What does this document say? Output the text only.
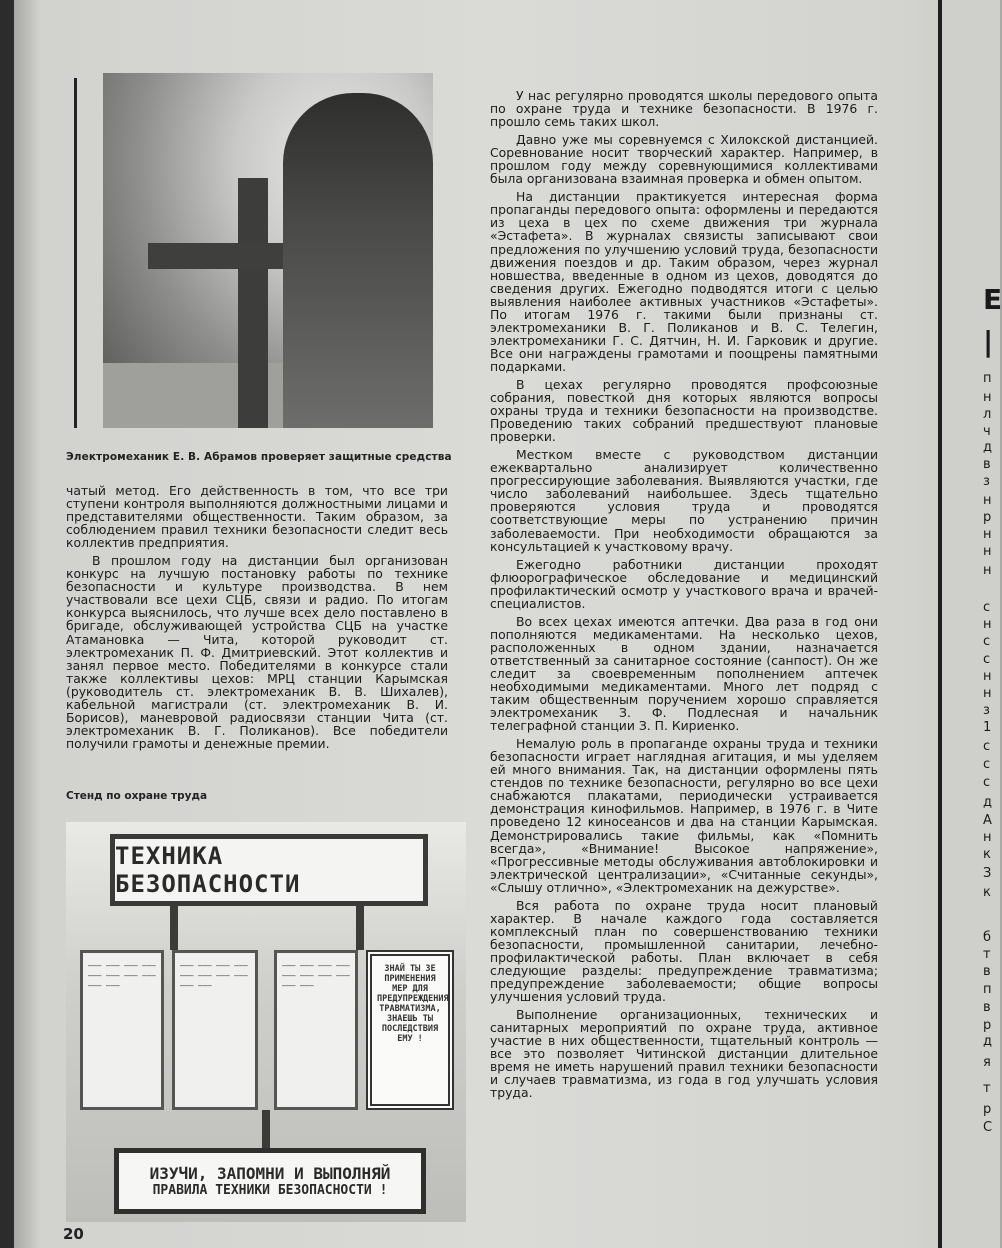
Электромеханик Е. В. Абрамов проверяет защитные средства

чатый метод. Его действенность в том, что все три ступени контроля выполняются должностными лицами и представителями общественности. Таким образом, за соблюдением правил техники безопасности следит весь коллектив предприятия.

В прошлом году на дистанции был организован конкурс на лучшую постановку работы по технике безопасности и культуре производства. В нем участвовали все цехи СЦБ, связи и радио. По итогам конкурса выяснилось, что лучше всех дело поставлено в бригаде, обслуживающей устройства СЦБ на участке Атамановка — Чита, которой руководит ст. электромеханик П. Ф. Дмитриевский. Этот коллектив и занял первое место. Победителями в конкурсе стали также коллективы цехов: МРЦ станции Карымская (руководитель ст. электромеханик В. В. Шихалев), кабельной магистрали (ст. электромеханик В. И. Борисов), маневровой радиосвязи станции Чита (ст. электромеханик В. Г. Поликанов). Все победители получили грамоты и денежные премии.

Стенд по охране труда
ТЕХНИКА БЕЗОПАСНОСТИ
——— ——— ——— ——— ——— ——— ——— ——— ——— ———
——— ——— ——— ——— ——— ——— ——— ——— ——— ———
——— ——— ——— ——— ——— ——— ——— ——— ——— ———
ЗНАЙ ТЫ ЗЕ ПРИМЕНЕНИЯ МЕР ДЛЯ ПРЕДУПРЕЖДЕНИЯ ТРАВМАТИЗМА, ЗНАЕШЬ ТЫ ПОСЛЕДСТВИЯ ЕМУ !
ИЗУЧИ, ЗАПОМНИ И ВЫПОЛНЯЙ
ПРАВИЛА ТЕХНИКИ БЕЗОПАСНОСТИ !
20

У нас регулярно проводятся школы передового опыта по охране труда и технике безопасности. В 1976 г. прошло семь таких школ.

Давно уже мы соревнуемся с Хилокской дистанцией. Соревнование носит творческий характер. Например, в прошлом году между соревнующимися коллективами была организована взаимная проверка и обмен опытом.

На дистанции практикуется интересная форма пропаганды передового опыта: оформлены и передаются из цеха в цех по схеме движения три журнала «Эстафета». В журналах связисты записывают свои предложения по улучшению условий труда, безопасности движения поездов и др. Таким образом, через журнал новшества, введенные в одном из цехов, доводятся до сведения других. Ежегодно подводятся итоги с целью выявления наиболее активных участников «Эстафеты». По итогам 1976 г. такими были признаны ст. электромеханики В. Г. Поликанов и В. С. Телегин, электромеханики Г. С. Дятчин, Н. И. Гарковик и другие. Все они награждены грамотами и поощрены памятными подарками.

В цехах регулярно проводятся профсоюзные собрания, повесткой дня которых являются вопросы охраны труда и техники безопасности на производстве. Проведению таких собраний предшествуют плановые проверки.

Местком вместе с руководством дистанции ежеквартально анализирует количественно прогрессирующие заболевания. Выявляются участки, где число заболеваний наибольшее. Здесь тщательно проверяются условия труда и проводятся соответствующие меры по устранению причин заболеваемости. При необходимости обращаются за консультацией к участковому врачу.

Ежегодно работники дистанции проходят флюорографическое обследование и медицинский профилактический осмотр у участкового врача и врачей-специалистов.

Во всех цехах имеются аптечки. Два раза в год они пополняются медикаментами. На несколько цехов, расположенных в одном здании, назначается ответственный за санитарное состояние (санпост). Он же следит за своевременным пополнением аптечек необходимыми медикаментами. Много лет подряд с таким общественным поручением хорошо справляется электромеханик З. Ф. Подлесная и начальник телеграфной станции З. П. Кириенко.

Немалую роль в пропаганде охраны труда и техники безопасности играет наглядная агитация, и мы уделяем ей много внимания. Так, на дистанции оформлены пять стендов по технике безопасности, регулярно во все цехи снабжаются плакатами, периодически устраивается демонстрация кинофильмов. Например, в 1976 г. в Чите проведено 12 киносеансов и два на станции Карымская. Демонстрировались такие фильмы, как «Помнить всегда», «Внимание! Высокое напряжение», «Прогрессивные методы обслуживания автоблокировки и электрической централизации», «Считанные секунды», «Слышу отлично», «Электромеханик на дежурстве».

Вся работа по охране труда носит плановый характер. В начале каждого года составляется комплексный план по совершенствованию техники безопасности, промышленной санитарии, лечебно-профилактической работы. План включает в себя следующие разделы: предупреждение травматизма; предупреждение заболеваемости; общие вопросы улучшения условий труда.

Выполнение организационных, технических и санитарных мероприятий по охране труда, активное участие в них общественности, тщательный контроль — все это позволяет Читинской дистанции длительное время не иметь нарушений правил техники безопасности и случаев травматизма, из года в год улучшать условия труда.

Е
|
п
н
л
ч
д
в
з
н
р
н
н
н
с
н
с
с
н
н
з
1
с
с
с
д
А
н
к
З
к
б
т
в
п
в
р
д
я
т
р
С
